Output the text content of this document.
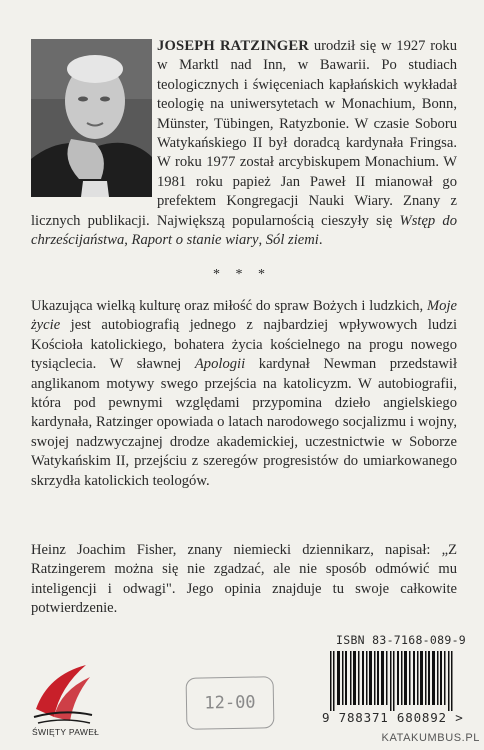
JOSEPH RATZINGER urodził się w 1927 roku w Marktl nad Inn, w Bawarii. Po studiach teologicznych i święceniach kapłańskich wykładał teologię na uniwersytetach w Monachium, Bonn, Münster, Tübingen, Ratyzbonie. W czasie Soboru Watykańskiego II był doradcą kardynała Fringsa. W roku 1977 został arcybiskupem Monachium. W 1981 roku papież Jan Paweł II mianował go prefektem Kongregacji Nauki Wiary. Znany z licznych publikacji. Największą popularnością cieszyły się Wstęp do chrześcijaństwa, Raport o stanie wiary, Sól ziemi.
* * *
Ukazująca wielką kulturę oraz miłość do spraw Bożych i ludzkich, Moje życie jest autobiografią jednego z najbardziej wpływowych ludzi Kościoła katolickiego, bohatera życia kościelnego na progu nowego tysiąclecia. W sławnej Apologii kardynał Newman przedstawił anglikanom motywy swego przejścia na katolicyzm. W autobiografii, która pod pewnymi względami przypomina dzieło angielskiego kardynała, Ratzinger opowiada o latach narodowego socjalizmu i wojny, swojej nadzwyczajnej drodze akademickiej, uczestnictwie w Soborze Watykańskim II, przejściu z szeregów progresistów do umiarkowanego skrzydła katolickich teologów.
Heinz Joachim Fisher, znany niemiecki dziennikarz, napisał: „Z Ratzingerem można się nie zgadzać, ale nie sposób odmówić mu inteligencji i odwagi". Jego opinia znajduje tu swoje całkowite potwierdzenie.
ŚWIĘTY PAWEŁ
12-00
ISBN 83-7168-089-9
9 788371 680892 >
KATAKUMBUS.PL
